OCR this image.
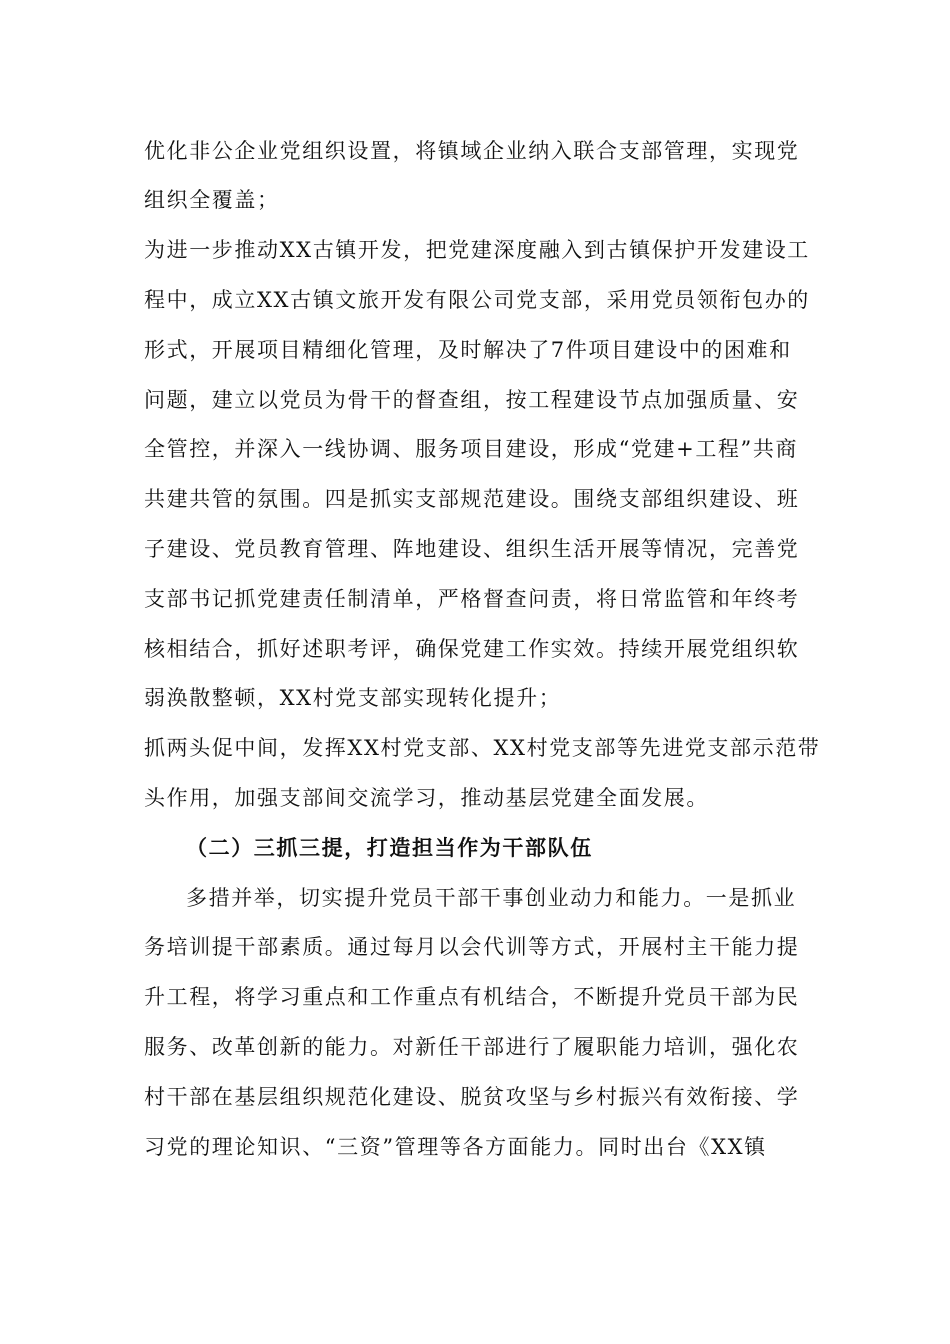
优化非公企业党组织设置，将镇域企业纳入联合支部管理，实现党
组织全覆盖；
为进一步推动XX古镇开发，把党建深度融入到古镇保护开发建设工
程中，成立XX古镇文旅开发有限公司党支部，采用党员领衔包办的
形式，开展项目精细化管理，及时解决了7件项目建设中的困难和
问题，建立以党员为骨干的督查组，按工程建设节点加强质量、安
全管控，并深入一线协调、服务项目建设，形成“党建+工程”共商
共建共管的氛围。四是抓实支部规范建设。围绕支部组织建设、班
子建设、党员教育管理、阵地建设、组织生活开展等情况，完善党
支部书记抓党建责任制清单，严格督查问责，将日常监管和年终考
核相结合，抓好述职考评，确保党建工作实效。持续开展党组织软
弱涣散整顿，XX村党支部实现转化提升；
抓两头促中间，发挥XX村党支部、XX村党支部等先进党支部示范带
头作用，加强支部间交流学习，推动基层党建全面发展。
（二）三抓三提，打造担当作为干部队伍
多措并举，切实提升党员干部干事创业动力和能力。一是抓业
务培训提干部素质。通过每月以会代训等方式，开展村主干能力提
升工程，将学习重点和工作重点有机结合，不断提升党员干部为民
服务、改革创新的能力。对新任干部进行了履职能力培训，强化农
村干部在基层组织规范化建设、脱贫攻坚与乡村振兴有效衔接、学
习党的理论知识、“三资”管理等各方面能力。同时出台《XX镇
